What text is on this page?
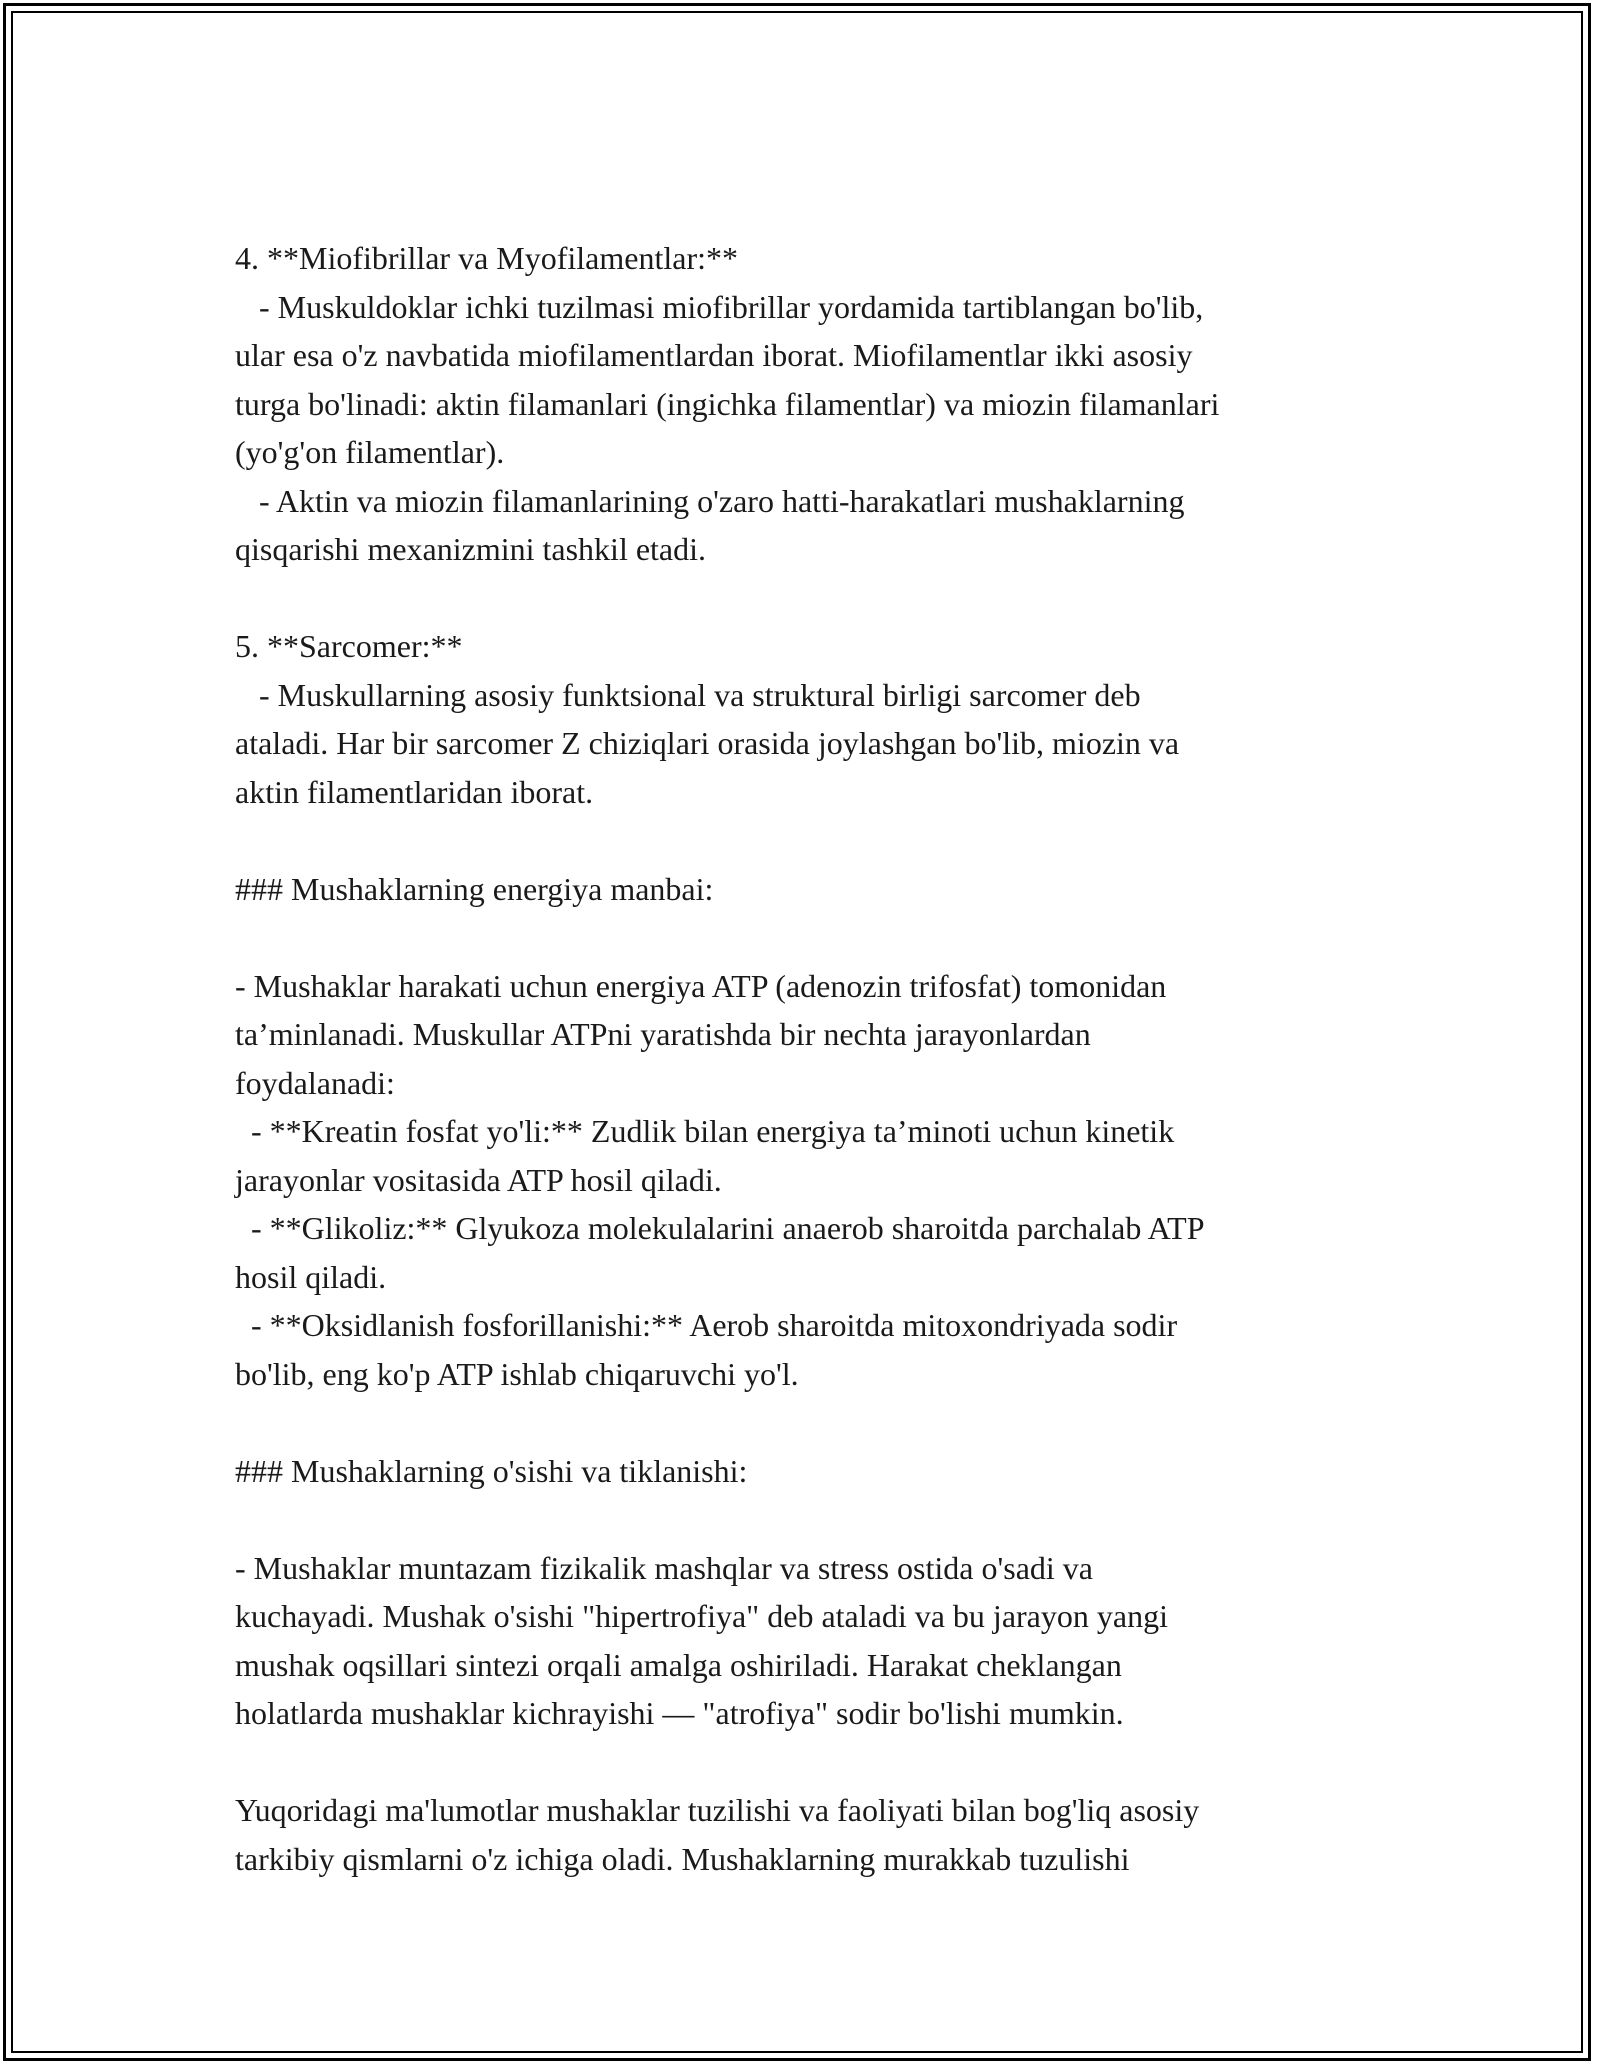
4. **Miofibrillar va Myofilamentlar:**
- Muskuldoklar ichki tuzilmasi miofibrillar yordamida tartiblangan bo'lib,
ular esa o'z navbatida miofilamentlardan iborat. Miofilamentlar ikki asosiy
turga bo'linadi: aktin filamanlari (ingichka filamentlar) va miozin filamanlari
(yo'g'on filamentlar).
- Aktin va miozin filamanlarining o'zaro hatti-harakatlari mushaklarning
qisqarishi mexanizmini tashkil etadi.
5. **Sarcomer:**
- Muskullarning asosiy funktsional va struktural birligi sarcomer deb
ataladi. Har bir sarcomer Z chiziqlari orasida joylashgan bo'lib, miozin va
aktin filamentlaridan iborat.
### Mushaklarning energiya manbai:
- Mushaklar harakati uchun energiya ATP (adenozin trifosfat) tomonidan
ta’minlanadi. Muskullar ATPni yaratishda bir nechta jarayonlardan
foydalanadi:
- **Kreatin fosfat yo'li:** Zudlik bilan energiya ta’minoti uchun kinetik
jarayonlar vositasida ATP hosil qiladi.
- **Glikoliz:** Glyukoza molekulalarini anaerob sharoitda parchalab ATP
hosil qiladi.
- **Oksidlanish fosforillanishi:** Aerob sharoitda mitoxondriyada sodir
bo'lib, eng ko'p ATP ishlab chiqaruvchi yo'l.
### Mushaklarning o'sishi va tiklanishi:
- Mushaklar muntazam fizikalik mashqlar va stress ostida o'sadi va
kuchayadi. Mushak o'sishi "hipertrofiya" deb ataladi va bu jarayon yangi
mushak oqsillari sintezi orqali amalga oshiriladi. Harakat cheklangan
holatlarda mushaklar kichrayishi — "atrofiya" sodir bo'lishi mumkin.
Yuqoridagi ma'lumotlar mushaklar tuzilishi va faoliyati bilan bog'liq asosiy
tarkibiy qismlarni o'z ichiga oladi. Mushaklarning murakkab tuzulishi
